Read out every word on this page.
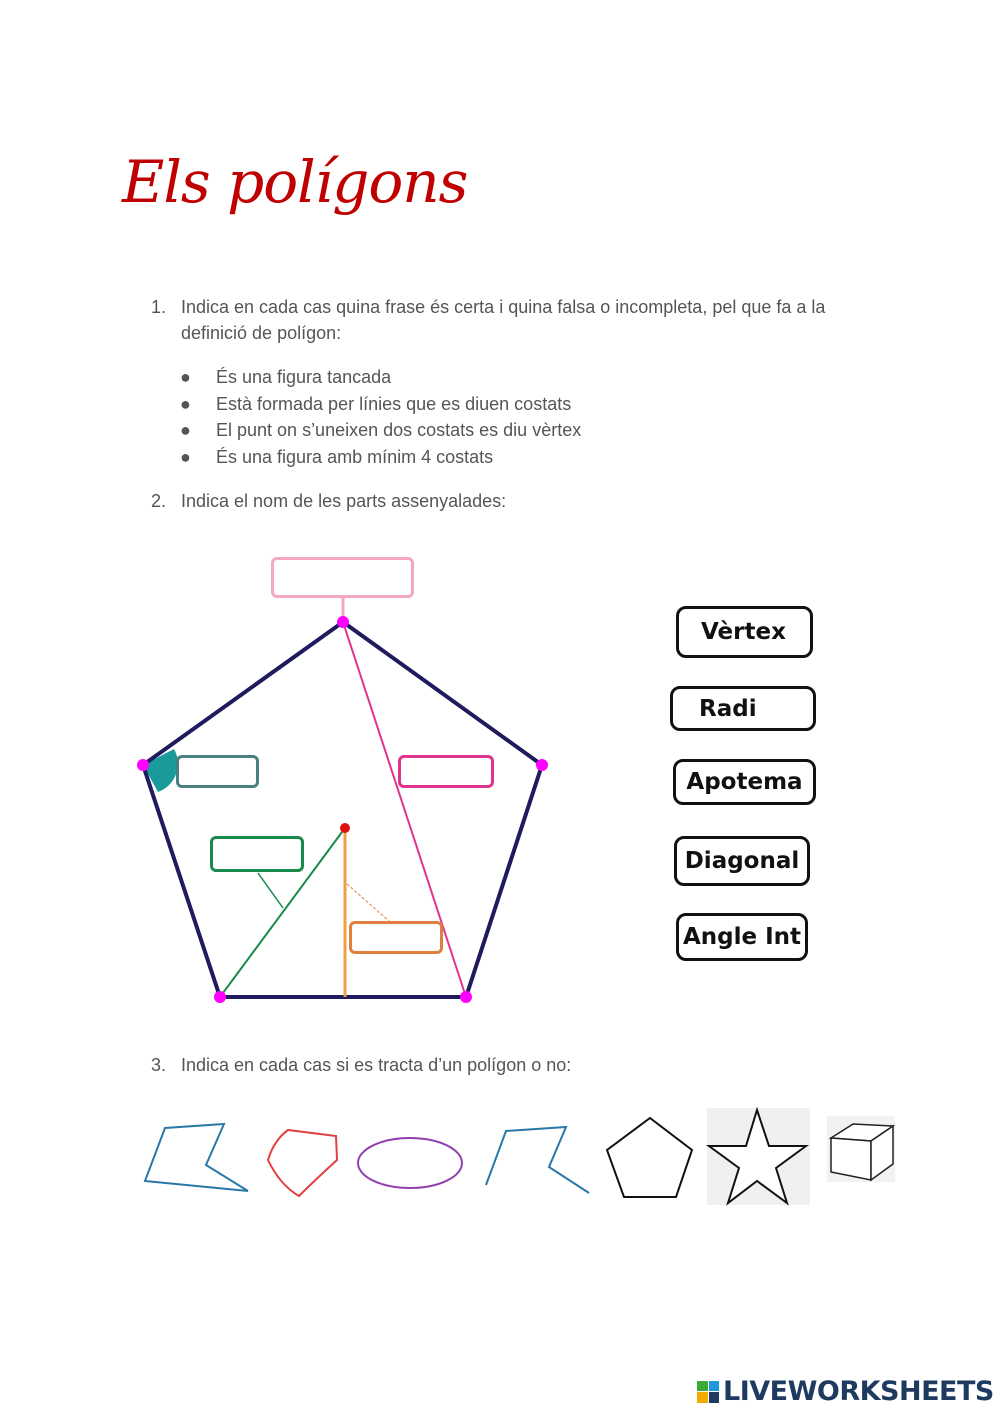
Els polígons
1. Indica en cada cas quina frase és certa i quina falsa o incompleta, pel que fa a la definició de polígon:
● És una figura tancada
● Està formada per línies que es diuen costats
● El punt on s’uneixen dos costats es diu vèrtex
● És una figura amb mínim 4 costats
2. Indica el nom de les parts assenyalades:
Vèrtex
Radi
Apotema
Diagonal
Angle Int
3. Indica en cada cas si es tracta d’un polígon o no:
LIVEWORKSHEETS
